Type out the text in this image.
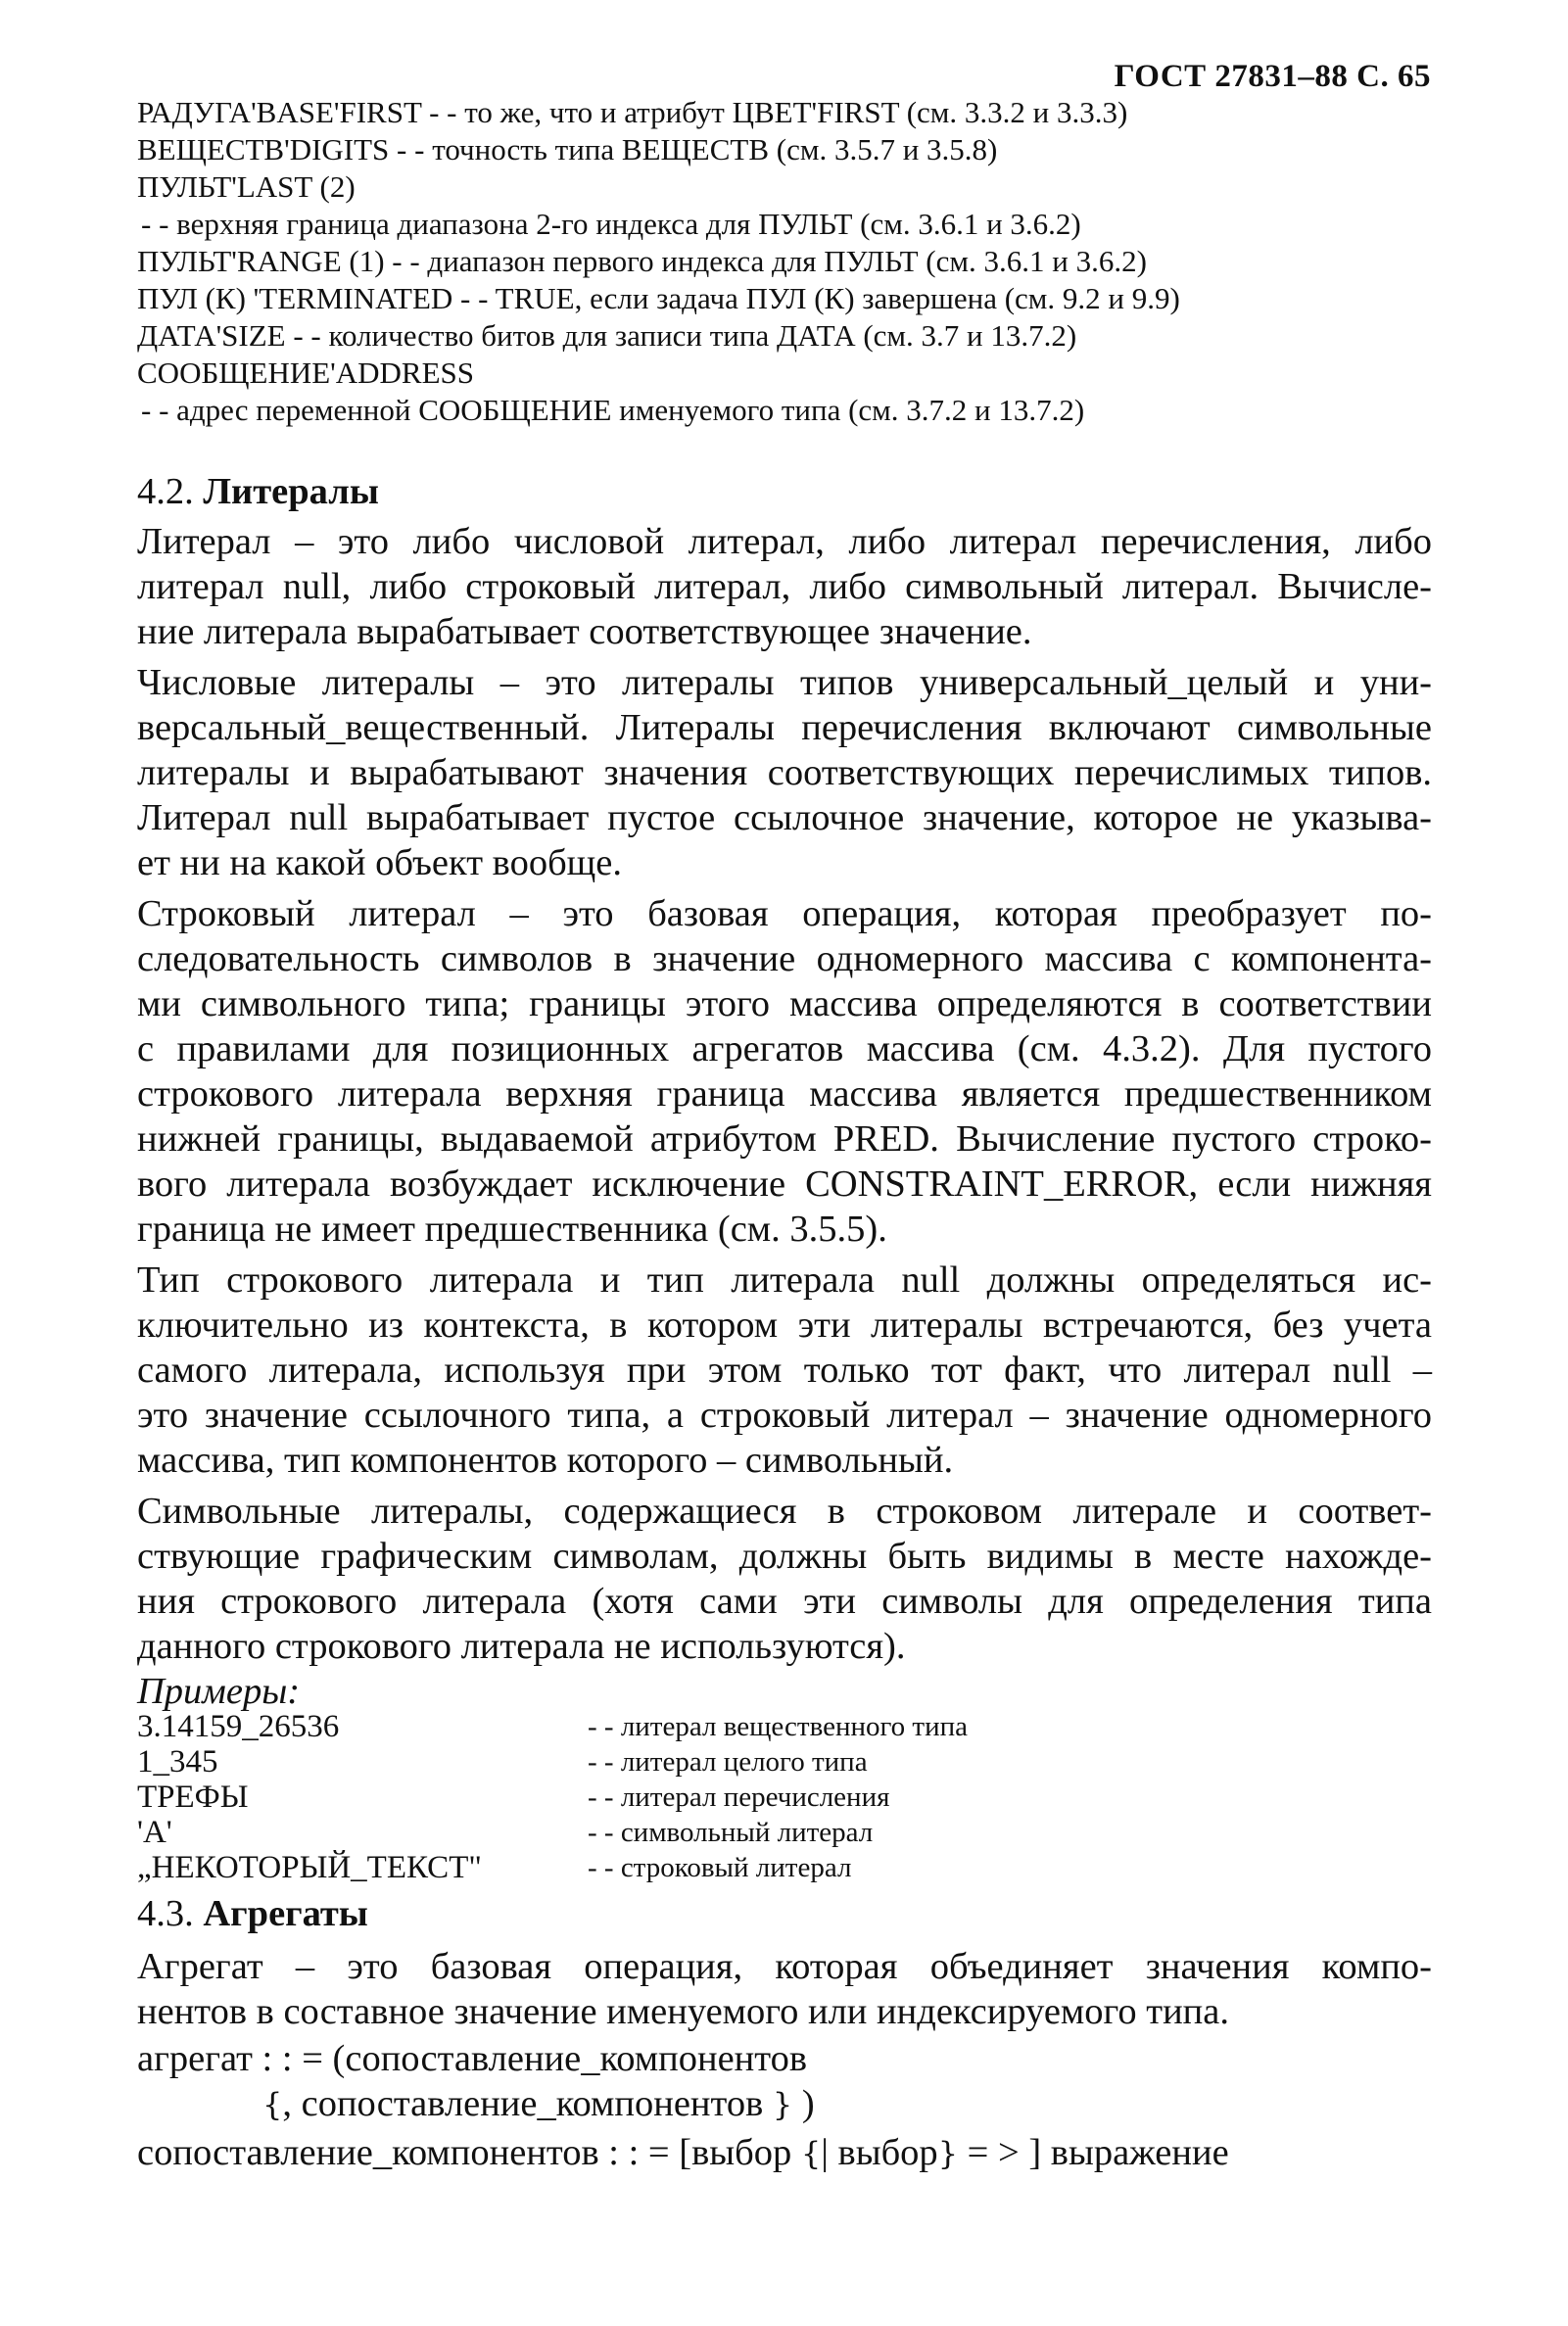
ГОСТ 27831–88 С. 65
РАДУГА'BASE'FIRST - - то же, что и атрибут ЦВЕТ'FIRST (см. 3.3.2 и 3.3.3)
ВЕЩЕСТВ'DIGITS - - точность типа ВЕЩЕСТВ (см. 3.5.7 и 3.5.8)
ПУЛЬТ'LAST (2)
- - верхняя граница диапазона 2-го индекса для ПУЛЬТ (см. 3.6.1 и 3.6.2)
ПУЛЬТ'RANGE (1) - - диапазон первого индекса для ПУЛЬТ (см. 3.6.1 и 3.6.2)
ПУЛ (К) 'TERMINATED - - TRUE, если задача ПУЛ (К) завершена (см. 9.2 и 9.9)
ДАТА'SIZE - - количество битов для записи типа ДАТА (см. 3.7 и 13.7.2)
СООБЩЕНИЕ'ADDRESS
- - адрес переменной СООБЩЕНИЕ именуемого типа (см. 3.7.2 и 13.7.2)
4.2. Литералы
Литерал – это либо числовой литерал, либо литерал перечисления, либо
литерал null, либо строковый литерал, либо символьный литерал. Вычисле-
ние литерала вырабатывает соответствующее значение.
Числовые литералы – это литералы типов универсальный_целый и уни-
версальный_вещественный. Литералы перечисления включают символьные
литералы и вырабатывают значения соответствующих перечислимых типов.
Литерал null вырабатывает пустое ссылочное значение, которое не указыва-
ет ни на какой объект вообще.
Строковый литерал – это базовая операция, которая преобразует по-
следовательность символов в значение одномерного массива с компонента-
ми символьного типа; границы этого массива определяются в соответствии
с правилами для позиционных агрегатов массива (см. 4.3.2). Для пустого
строкового литерала верхняя граница массива является предшественником
нижней границы, выдаваемой атрибутом PRED. Вычисление пустого строко-
вого литерала возбуждает исключение CONSTRAINT_ERROR, если нижняя
граница не имеет предшественника (см. 3.5.5).
Тип строкового литерала и тип литерала null должны определяться ис-
ключительно из контекста, в котором эти литералы встречаются, без учета
самого литерала, используя при этом только тот факт, что литерал null –
это значение ссылочного типа, а строковый литерал – значение одномерного
массива, тип компонентов которого – символьный.
Символьные литералы, содержащиеся в строковом литерале и соответ-
ствующие графическим символам, должны быть видимы в месте нахожде-
ния строкового литерала (хотя сами эти символы для определения типа
данного строкового литерала не используются).
Примеры:
3.14159_26536	- - литерал вещественного типа
1_345	- - литерал целого типа
ТРЕФЫ	- - литерал перечисления
'A'	- - символьный литерал
„НЕКОТОРЫЙ_ТЕКСТ"	- - строковый литерал
4.3. Агрегаты
Агрегат – это базовая операция, которая объединяет значения компо-
нентов в составное значение именуемого или индексируемого типа.
агрегат : : = (сопоставление_компонентов
{, сопоставление_компонентов } )
сопоставление_компонентов : : = [выбор {| выбор} = > ] выражение
